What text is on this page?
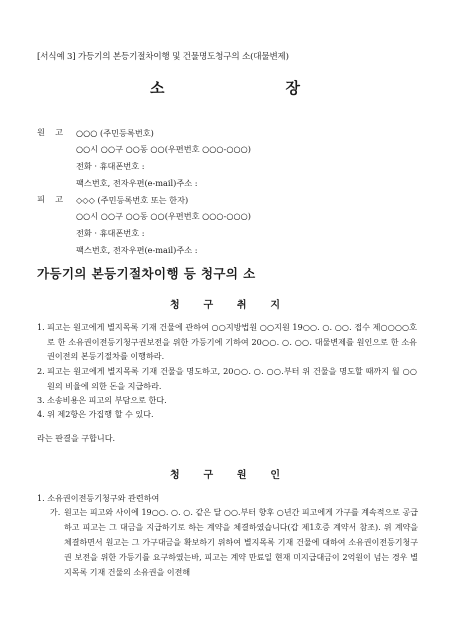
[서식예 3] 가등기의 본등기절차이행 및 건물명도청구의 소(대물변제)
소	장
원 고 ○○○ (주민등록번호)
○○시 ○○구 ○○동 ○○(우편번호 ○○○-○○○)
전화 · 휴대폰번호 :
팩스번호, 전자우편(e-mail)주소 :
피 고 ◇◇◇ (주민등록번호 또는 한자)
○○시 ○○구 ○○동 ○○(우편번호 ○○○-○○○)
전화 · 휴대폰번호 :
팩스번호, 전자우편(e-mail)주소 :
가등기의 본등기절차이행 등 청구의 소
청 구 취 지
1. 피고는 원고에게 별지목록 기재 건물에 관하여 ○○지방법원 ○○지원 19○○. ○. ○○. 접수 제○○○○호로 한 소유권이전등기청구권보전을 위한 가등기에 기하여 20○○. ○. ○○. 대물변제를 원인으로 한 소유권이전의 본등기절차를 이행하라.
2. 피고는 원고에게 별지목록 기재 건물을 명도하고, 20○○. ○. ○○.부터 위 건물을 명도할 때까지 월 ○○원의 비율에 의한 돈을 지급하라.
3. 소송비용은 피고의 부담으로 한다.
4. 위 제2항은 가집행 할 수 있다.
라는 판결을 구합니다.
청 구 원 인
1. 소유권이전등기청구와 관련하여
가. 원고는 피고와 사이에 19○○. ○. ○. 같은 달 ○○.부터 향후 ○년간 피고에게 가구를 계속적으로 공급하고 피고는 그 대금을 지급하기로 하는 계약을 체결하였습니다(갑 제1호증 계약서 참조). 위 계약을 체결하면서 원고는 그 가구대금을 확보하기 위하여 별지목록 기재 건물에 대하여 소유권이전등기청구권 보전을 위한 가등기를 요구하였는바, 피고는 계약 만료일 현재 미지급대금이 2억원이 넘는 경우 별지목록 기재 건물의 소유권을 이전해
